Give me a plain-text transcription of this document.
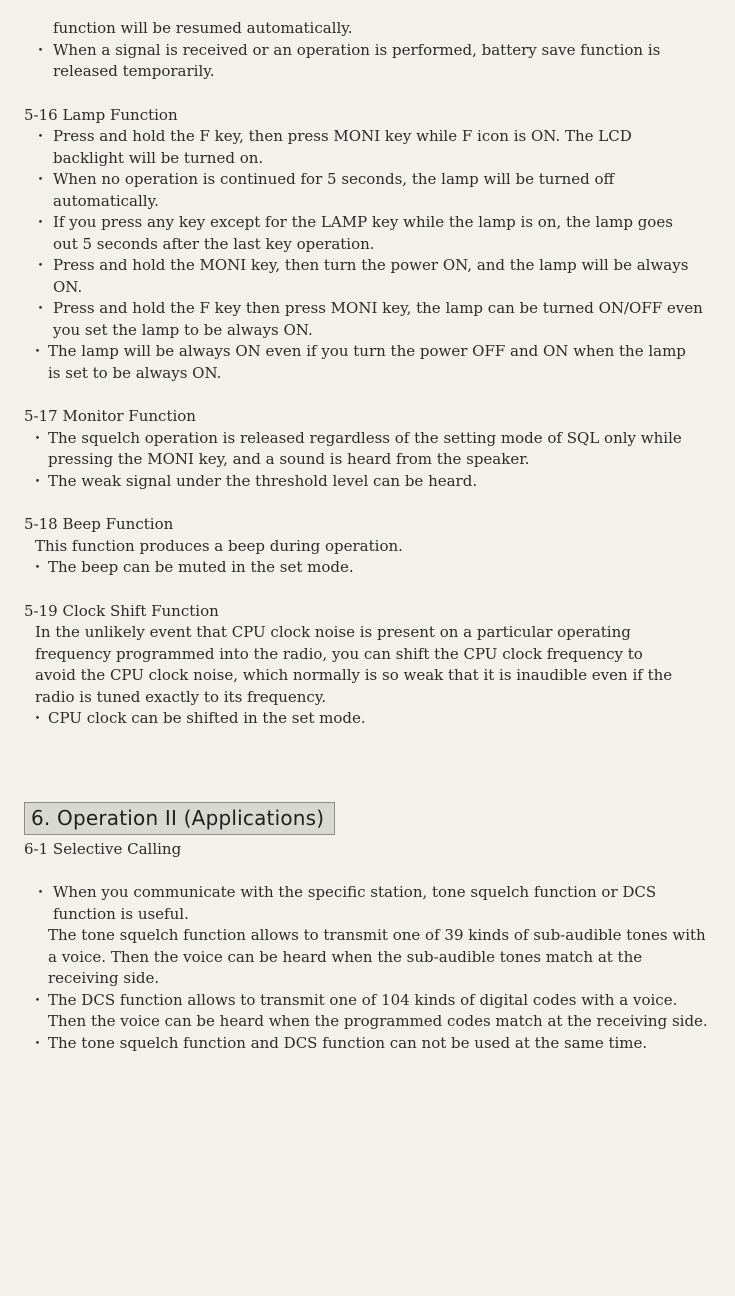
function will be resumed automatically.
・ When a signal is received or an operation is performed, battery save function is released temporarily.
5-16 Lamp Function
・ Press and hold the F key, then press MONI key while F icon is ON. The LCD backlight will be turned on.
・ When no operation is continued for 5 seconds, the lamp will be turned off automatically.
・ If you press any key except for the LAMP key while the lamp is on, the lamp goes out 5 seconds after the last key operation.
・ Press and hold the MONI key, then turn the power ON, and the lamp will be always ON.
・ Press and hold the F key then press MONI key, the lamp can be turned ON/OFF even you set the lamp to be always ON.
・ The lamp will be always ON even if you turn the power OFF and ON when the lamp
is set to be always ON.
5-17 Monitor Function
・ The squelch operation is released regardless of the setting mode of SQL only while pressing the MONI key, and a sound is heard from the speaker.
・ The weak signal under the threshold level can be heard.
5-18 Beep Function
This function produces a beep during operation.
・ The beep can be muted in the set mode.
5-19 Clock Shift Function
In the unlikely event that CPU clock noise is present on a particular operating frequency programmed into the radio, you can shift the CPU clock frequency to avoid the CPU clock noise, which normally is so weak that it is inaudible even if the radio is tuned exactly to its frequency.
・ CPU clock can be shifted in the set mode.
6. Operation II (Applications)
6-1 Selective Calling
・ When you communicate with the specific station, tone squelch function or DCS function is useful.
The tone squelch function allows to transmit one of 39 kinds of sub-audible tones with a voice. Then the voice can be heard when the sub-audible tones match at the receiving side.
・ The DCS function allows to transmit one of 104 kinds of digital codes with a voice. Then the voice can be heard when the programmed codes match at the receiving side.
・ The tone squelch function and DCS function can not be used at the same time.
